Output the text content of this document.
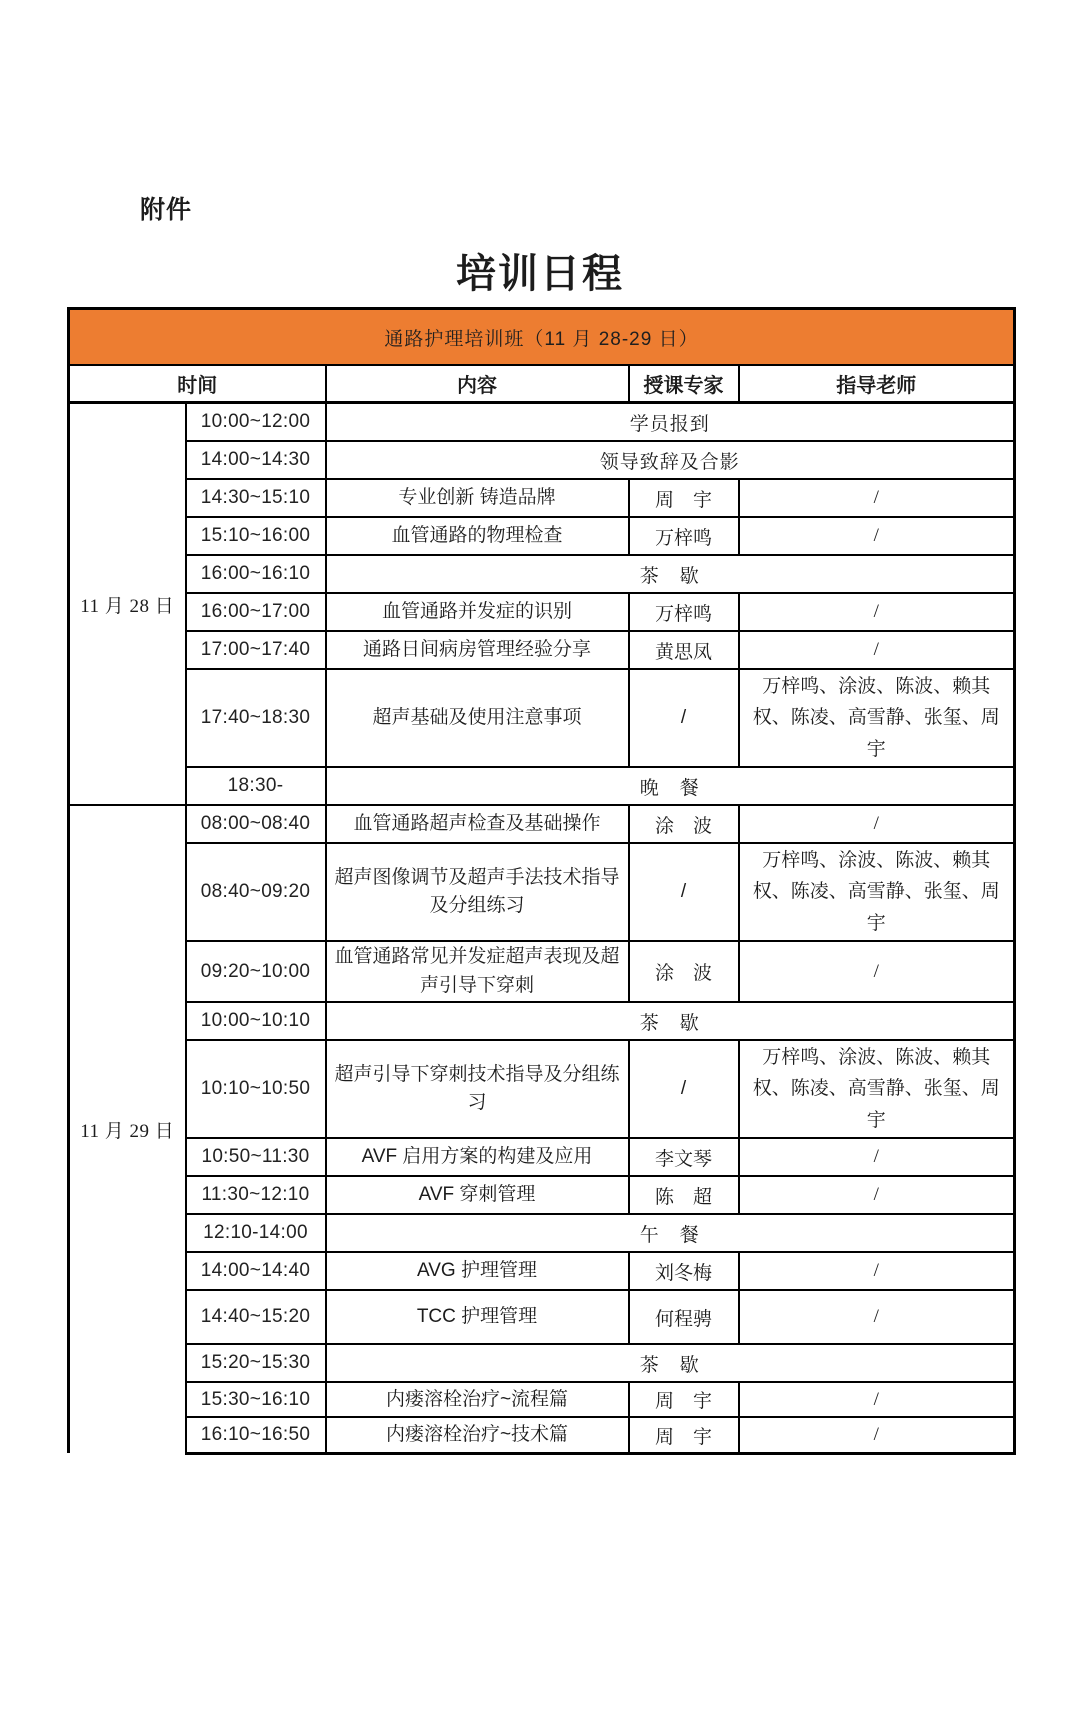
附件
培训日程
通路护理培训班（11 月 28-29 日）				
时间		内容	授课专家	指导老师
11 月 28 日	10:00~12:00	学员报到		
	14:00~14:30	领导致辞及合影		
	14:30~15:10	专业创新 铸造品牌	周　宇	/
	15:10~16:00	血管通路的物理检查	万梓鸣	/
	16:00~16:10	茶　歇		
	16:00~17:00	血管通路并发症的识别	万梓鸣	/
	17:00~17:40	通路日间病房管理经验分享	黄思凤	/
	17:40~18:30	超声基础及使用注意事项	/	万梓鸣、涂波、陈波、赖其权、陈凌、高雪静、张玺、周宇
	18:30-	晚　餐		
11 月 29 日	08:00~08:40	血管通路超声检查及基础操作	涂　波	/
	08:40~09:20	超声图像调节及超声手法技术指导及分组练习	/	万梓鸣、涂波、陈波、赖其权、陈凌、高雪静、张玺、周宇
	09:20~10:00	血管通路常见并发症超声表现及超声引导下穿刺	涂　波	/
	10:00~10:10	茶　歇		
	10:10~10:50	超声引导下穿刺技术指导及分组练习	/	万梓鸣、涂波、陈波、赖其权、陈凌、高雪静、张玺、周宇
	10:50~11:30	AVF 启用方案的构建及应用	李文琴	/
	11:30~12:10	AVF 穿刺管理	陈　超	/
	12:10-14:00	午　餐		
	14:00~14:40	AVG 护理管理	刘冬梅	/
	14:40~15:20	TCC 护理管理	何程骋	/
	15:20~15:30	茶　歇		
	15:30~16:10	内瘘溶栓治疗~流程篇	周　宇	/
	16:10~16:50	内瘘溶栓治疗~技术篇	周　宇	/
